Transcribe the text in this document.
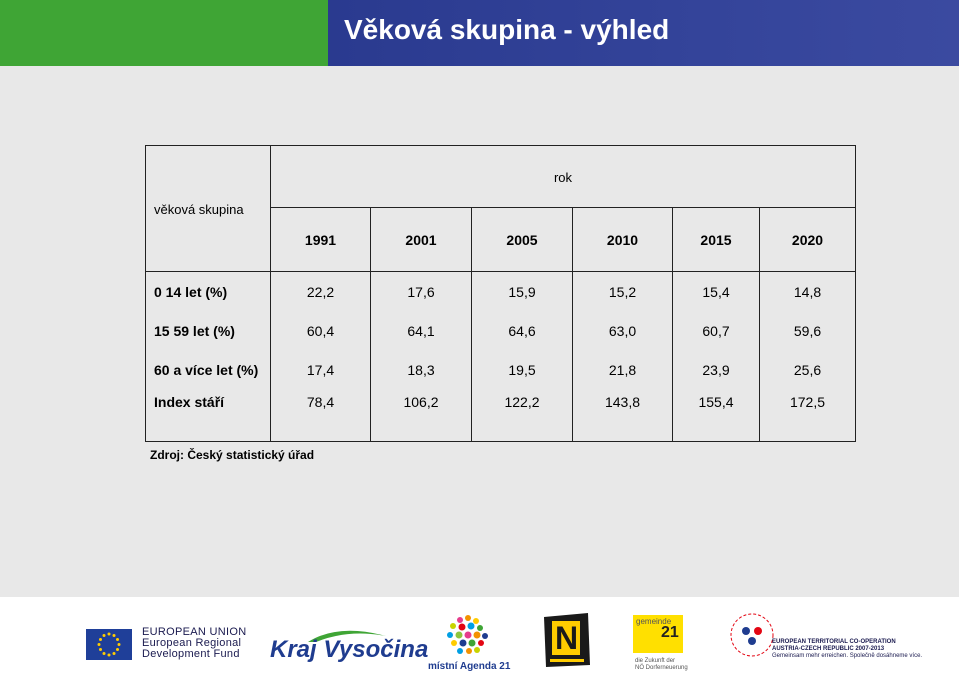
Věková skupina - výhled
věková skupina	rok					
	1991	2001	2005	2010	2015	2020
0 14 let (%)	22,2	17,6	15,9	15,2	15,4	14,8
15 59 let (%)	60,4	64,1	64,6	63,0	60,7	59,6
60 a více let (%)	17,4	18,3	19,5	21,8	23,9	25,6
Index stáří	78,4	106,2	122,2	143,8	155,4	172,5
Zdroj: Český statistický úřad
EUROPEAN UNION
European Regional
Development Fund Kraj Vysočina
místní Agenda 21
N	gemeinde
21
die Zukunft der
NÖ Dorferneuerung
EUROPEAN TERRITORIAL CO-OPERATION
AUSTRIA-CZECH REPUBLIC 2007-2013
Gemeinsam mehr erreichen. Společně dosáhneme více.
